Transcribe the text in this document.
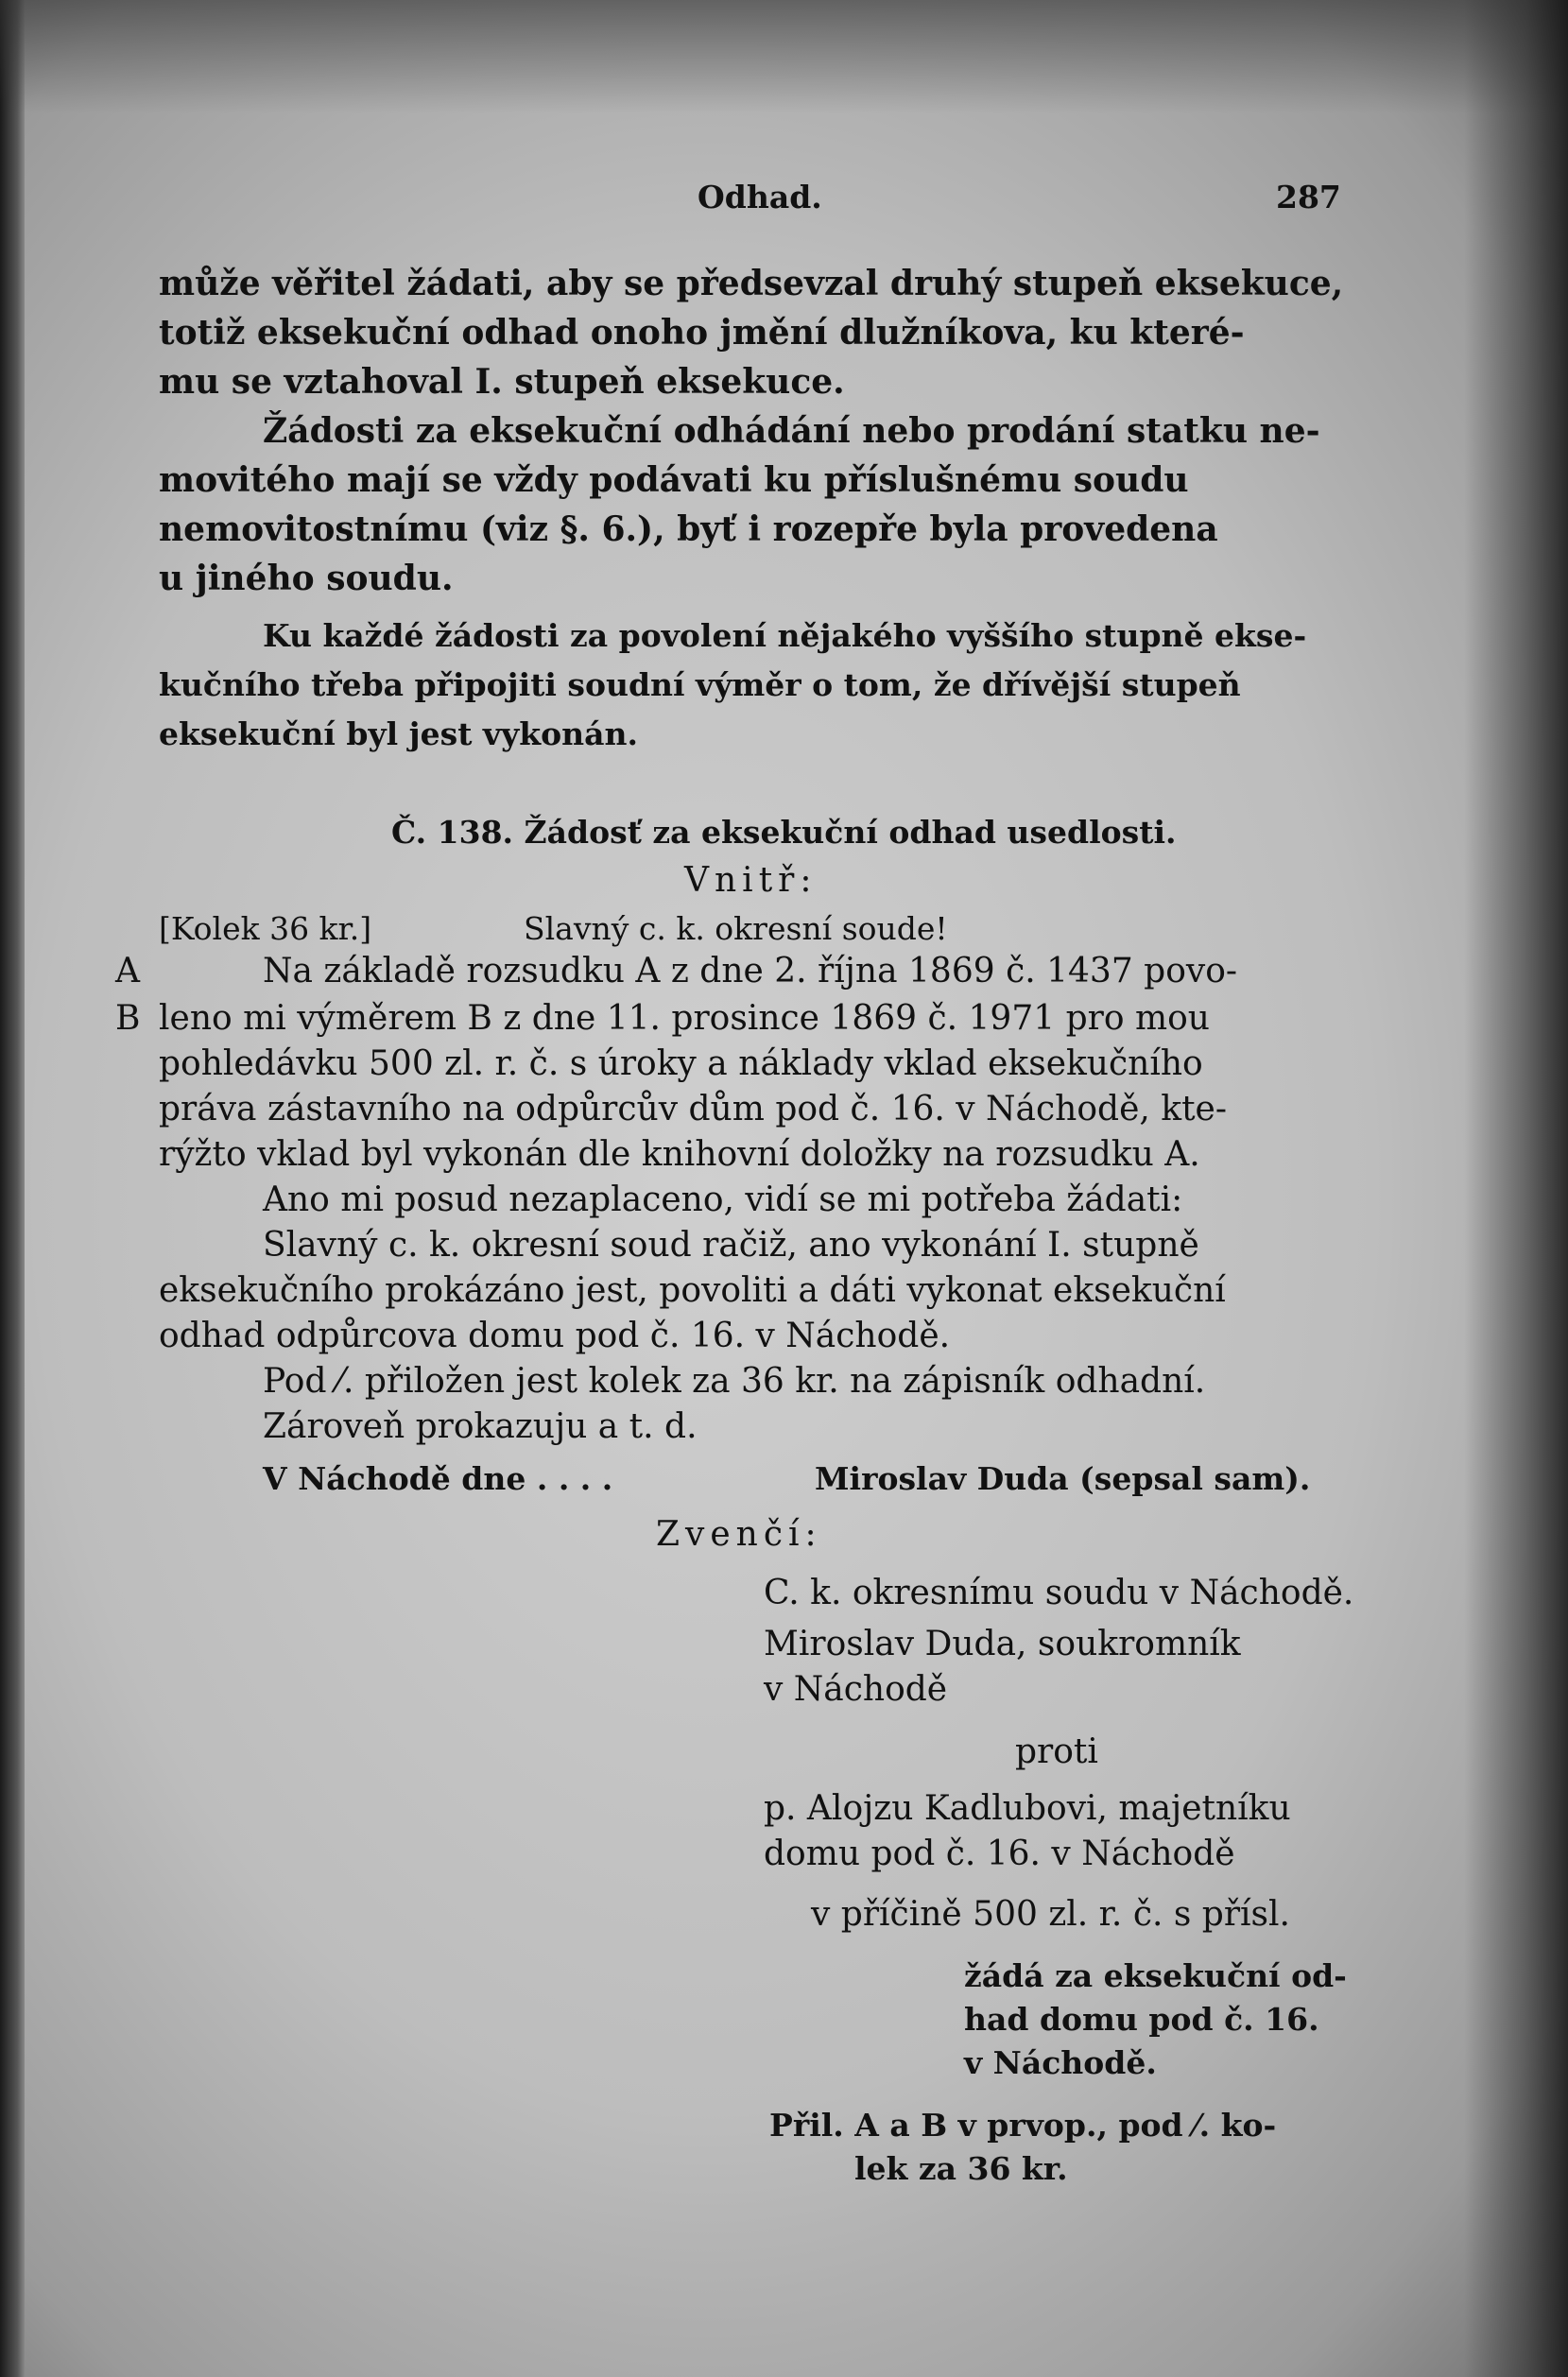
Odhad.	287
může věřitel žádati, aby se předsevzal druhý stupeň eksekuce,
totiž eksekuční odhad onoho jmění dlužníkova, ku které-
mu se vztahoval I. stupeň eksekuce.
Žádosti za eksekuční odhádání nebo prodání statku ne-
movitého mají se vždy podávati ku příslušnému soudu
nemovitostnímu (viz §. 6.), byť i rozepře byla provedena
u jiného soudu.
Ku každé žádosti za povolení nějakého vyššího stupně ekse-
kučního třeba připojiti soudní výměr o tom, že dřívější stupeň
eksekuční byl jest vykonán.
Č. 138. Žádosť za eksekuční odhad usedlosti.
Vnitř:
[Kolek 36 kr.]	Slavný c. k. okresní soude!
A
B
Na základě rozsudku A z dne 2. října 1869 č. 1437 povo-
leno mi výměrem B z dne 11. prosince 1869 č. 1971 pro mou
pohledávku 500 zl. r. č. s úroky a náklady vklad eksekučního
práva zástavního na odpůrcův dům pod č. 16. v Náchodě, kte-
rýžto vklad byl vykonán dle knihovní doložky na rozsudku A.
Ano mi posud nezaplaceno, vidí se mi potřeba žádati:
Slavný c. k. okresní soud račiž, ano vykonání I. stupně
eksekučního prokázáno jest, povoliti a dáti vykonat eksekuční
odhad odpůrcova domu pod č. 16. v Náchodě.
Pod ⁄. přiložen jest kolek za 36 kr. na zápisník odhadní.
Zároveň prokazuju a t. d.
V Náchodě dne . . . .	Miroslav Duda (sepsal sam).
Zvenčí:
C. k. okresnímu soudu v Náchodě.
Miroslav Duda, soukromník
v Náchodě
proti
p. Alojzu Kadlubovi, majetníku
domu pod č. 16. v Náchodě
v příčině 500 zl. r. č. s přísl.
žádá za eksekuční od-
had domu pod č. 16.
v Náchodě.
Přil. A a B v prvop., pod ⁄. ko-
lek za 36 kr.
